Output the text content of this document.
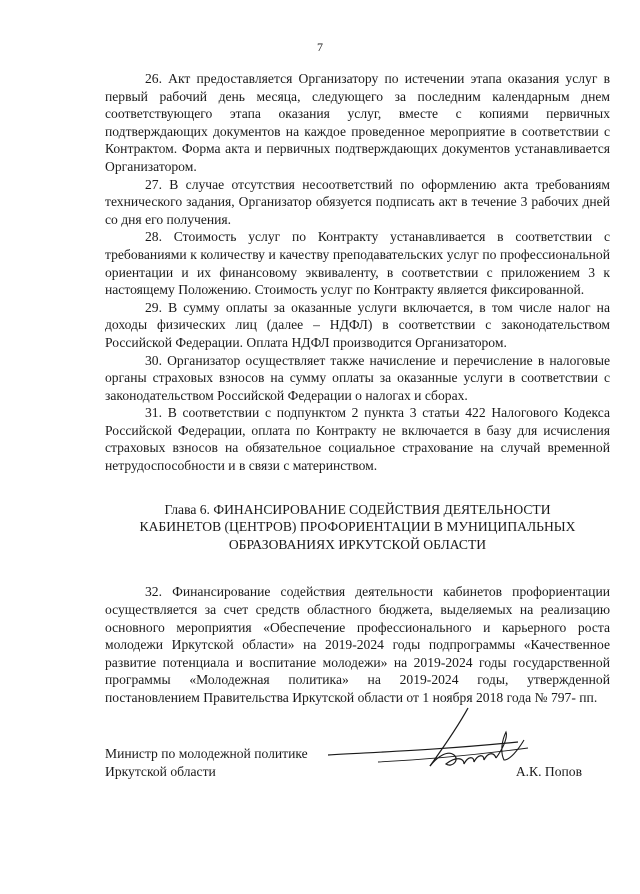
7

26. Акт предоставляется Организатору по истечении этапа оказания услуг в первый рабочий день месяца, следующего за последним календарным днем соответствующего этапа оказания услуг, вместе с копиями первичных подтверждающих документов на каждое проведенное мероприятие в соответствии с Контрактом. Форма акта и первичных подтверждающих документов устанавливается Организатором.

27. В случае отсутствия несоответствий по оформлению акта требованиям технического задания, Организатор обязуется подписать акт в течение 3 рабочих дней со дня его получения.

28. Стоимость услуг по Контракту устанавливается в соответствии с требованиями к количеству и качеству преподавательских услуг по профессиональной ориентации и их финансовому эквиваленту, в соответствии с приложением 3 к настоящему Положению. Стоимость услуг по Контракту является фиксированной.

29. В сумму оплаты за оказанные услуги включается, в том числе налог на доходы физических лиц (далее – НДФЛ) в соответствии с законодательством Российской Федерации. Оплата НДФЛ производится Организатором.

30. Организатор осуществляет также начисление и перечисление в налоговые органы страховых взносов на сумму оплаты за оказанные услуги в соответствии с законодательством Российской Федерации о налогах и сборах.

31. В соответствии с подпунктом 2 пункта 3 статьи 422 Налогового Кодекса Российской Федерации, оплата по Контракту не включается в базу для исчисления страховых взносов на обязательное социальное страхование на случай временной нетрудоспособности и в связи с материнством.

Глава 6. ФИНАНСИРОВАНИЕ СОДЕЙСТВИЯ ДЕЯТЕЛЬНОСТИ
КАБИНЕТОВ (ЦЕНТРОВ) ПРОФОРИЕНТАЦИИ В МУНИЦИПАЛЬНЫХ
ОБРАЗОВАНИЯХ ИРКУТСКОЙ ОБЛАСТИ

32. Финансирование содействия деятельности кабинетов профориентации осуществляется за счет средств областного бюджета, выделяемых на реализацию основного мероприятия «Обеспечение профессионального и карьерного роста молодежи Иркутской области» на 2019-2024 годы подпрограммы «Качественное развитие потенциала и воспитание молодежи» на 2019-2024 годы государственной программы «Молодежная политика» на 2019-2024 годы, утвержденной постановлением Правительства Иркутской области от 1 ноября 2018 года № 797- пп.

Министр по молодежной политике
Иркутской области	А.К. Попов
